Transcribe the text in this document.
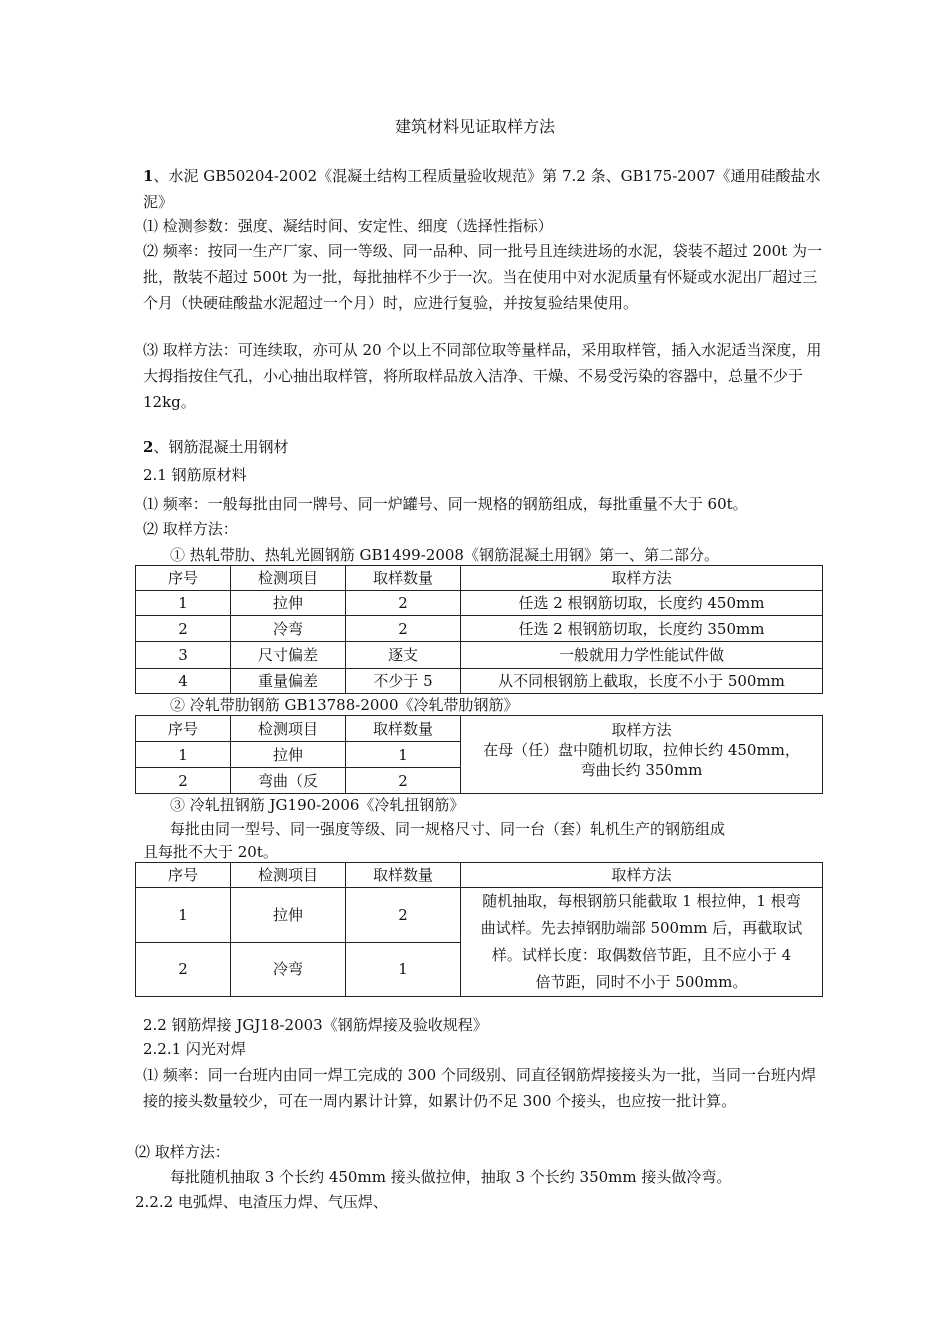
建筑材料见证取样方法
1、水泥 GB50204-2002《混凝土结构工程质量验收规范》第 7.2 条、GB175-2007《通用硅酸盐水泥》
⑴ 检测参数：强度、凝结时间、安定性、细度（选择性指标）
⑵ 频率：按同一生产厂家、同一等级、同一品种、同一批号且连续进场的水泥，袋装不超过 200t 为一批，散装不超过 500t 为一批，每批抽样不少于一次。当在使用中对水泥质量有怀疑或水泥出厂超过三个月（快硬硅酸盐水泥超过一个月）时，应进行复验，并按复验结果使用。
⑶ 取样方法：可连续取，亦可从 20 个以上不同部位取等量样品，采用取样管，插入水泥适当深度，用大拇指按住气孔，小心抽出取样管，将所取样品放入洁净、干燥、不易受污染的容器中，总量不少于 12kg。
2、钢筋混凝土用钢材
2.1 钢筋原材料
⑴ 频率：一般每批由同一牌号、同一炉罐号、同一规格的钢筋组成，每批重量不大于 60t。
⑵ 取样方法：
① 热轧带肋、热轧光圆钢筋 GB1499-2008《钢筋混凝土用钢》第一、第二部分。
序号	检测项目	取样数量	取样方法
1	拉伸	2	任选 2 根钢筋切取，长度约 450mm
2	冷弯	2	任选 2 根钢筋切取，长度约 350mm
3	尺寸偏差	逐支	一般就用力学性能试件做
4	重量偏差	不少于 5	从不同根钢筋上截取，长度不小于 500mm
② 冷轧带肋钢筋 GB13788-2000《冷轧带肋钢筋》
序号	检测项目	取样数量	取样方法
在母（任）盘中随机切取，拉伸长约 450mm，
弯曲长约 350mm

1	拉伸	1	
2	弯曲（反	2	
③ 冷轧扭钢筋 JG190-2006《冷轧扭钢筋》
每批由同一型号、同一强度等级、同一规格尺寸、同一台（套）轧机生产的钢筋组成
且每批不大于 20t。
序号	检测项目	取样数量	取样方法
1	拉伸	2	随机抽取，每根钢筋只能截取 1 根拉伸，1 根弯
曲试样。先去掉钢肋端部 500mm 后，再截取试
样。试样长度：取偶数倍节距，且不应小于 4
倍节距，同时不小于 500mm。

2	冷弯	1	
2.2 钢筋焊接 JGJ18-2003《钢筋焊接及验收规程》
2.2.1 闪光对焊
⑴ 频率：同一台班内由同一焊工完成的 300 个同级别、同直径钢筋焊接接头为一批，当同一台班内焊接的接头数量较少，可在一周内累计计算，如累计仍不足 300 个接头，也应按一批计算。
⑵ 取样方法：
每批随机抽取 3 个长约 450mm 接头做拉伸，抽取 3 个长约 350mm 接头做冷弯。
2.2.2 电弧焊、电渣压力焊、气压焊、
